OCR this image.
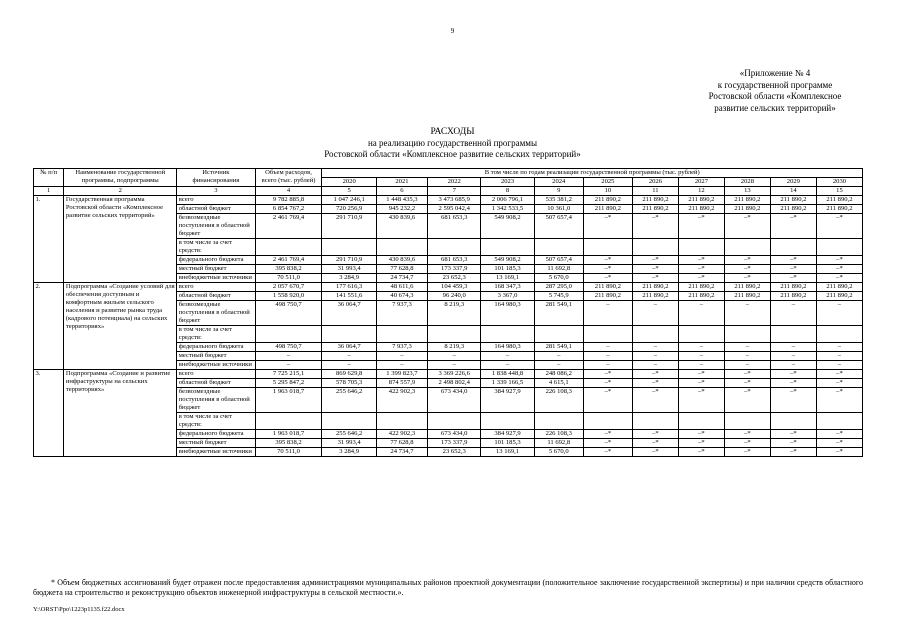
9
«Приложение № 4
к государственной программе
Ростовской области «Комплексное
развитие сельских территорий»
РАСХОДЫ
на реализацию государственной программы
Ростовской области «Комплексное развитие сельских территорий»
№ п/п	Наименование государственной программы, подпрограммы	Источник финансирования	Объем расходов, всего (тыс. рублей)	В том числе по годам реализации государственной программы (тыс. рублей)										
				2020	2021	2022	2023	2024	2025	2026	2027	2028	2029	2030
1	2	3	4	5	6	7	8	9	10	11	12	13	14	15
1.	Государственная программа Ростовской области «Комплексное развитие сельских территорий»	всего	9 782 885,8	1 047 246,1	1 448 435,3	3 473 685,9	2 006 796,1	535 381,2	211 890,2	211 890,2	211 890,2	211 890,2	211 890,2	211 890,2
		областной бюджет	6 854 767,2	720 256,9	945 232,2	2 595 042,4	1 342 533,5	10 361,0	211 890,2	211 890,2	211 890,2	211 890,2	211 890,2	211 890,2
		безвозмездные поступления в областной бюджет	2 461 769,4	291 710,9	430 839,6	681 653,3	549 908,2	507 657,4	–*	–*	–*	–*	–*	–*
		в том числе за счет средств:												
		федерального бюджета	2 461 769,4	291 710,9	430 839,6	681 653,3	549 908,2	507 657,4	–*	–*	–*	–*	–*	–*
		местный бюджет	395 838,2	31 993,4	77 628,8	173 337,9	101 185,3	11 692,8	–*	–*	–*	–*	–*	–*
		внебюджетные источники	70 511,0	3 284,9	24 734,7	23 652,3	13 169,1	5 670,0	–*	–*	–*	–*	–*	–*
2.	Подпрограмма «Создание условий для обеспечения доступным и комфортным жильем сельского населения и развитие рынка труда (кадрового потенциала) на сельских территориях»	всего	2 057 670,7	177 616,3	48 611,6	104 459,3	168 347,3	287 295,0	211 890,2	211 890,2	211 890,2	211 890,2	211 890,2	211 890,2
		областной бюджет	1 558 920,0	141 551,6	40 674,3	96 240,0	3 367,0	5 745,9	211 890,2	211 890,2	211 890,2	211 890,2	211 890,2	211 890,2
		безвозмездные поступления в областной бюджет	498 750,7	36 064,7	7 937,3	8 219,3	164 980,3	281 549,1	–	–	–	–	–	–
		в том числе за счет средств:												
		федерального бюджета	498 750,7	36 064,7	7 937,3	8 219,3	164 980,3	281 549,1	–	–	–	–	–	–
		местный бюджет	–	–	–	–	–	–	–	–	–	–	–	–
		внебюджетные источники	–	–	–	–	–	–	–	–	–	–	–	–
3.	Подпрограмма «Создание и развитие инфраструктуры на сельских территориях»	всего	7 725 215,1	869 629,8	1 399 823,7	3 369 226,6	1 838 448,8	248 086,2	–*	–*	–*	–*	–*	–*
		областной бюджет	5 295 847,2	578 705,3	874 557,9	2 498 802,4	1 339 166,5	4 615,1	–*	–*	–*	–*	–*	–*
		безвозмездные поступления в областной бюджет	1 963 018,7	255 646,2	422 902,3	673 434,0	384 927,9	226 108,3	–*	–*	–*	–*	–*	–*
		в том числе за счет средств:												
		федерального бюджета	1 963 018,7	255 646,2	422 902,3	673 434,0	384 927,9	226 108,3	–*	–*	–*	–*	–*	–*
		местный бюджет	395 838,2	31 993,4	77 628,8	173 337,9	101 185,3	11 692,8	–*	–*	–*	–*	–*	–*
		внебюджетные источники	70 511,0	3 284,9	24 734,7	23 652,3	13 169,1	5 670,0	–*	–*	–*	–*	–*	–*
* Объем бюджетных ассигнований будет отражен после предоставления администрациями муниципальных районов проектной документации (положительное заключение государственной экспертизы) и при наличии средств областного бюджета на строительство и реконструкцию объектов инженерной инфраструктуры в сельской местности.».
Y:\ORST\Ppo\1223p1135.f22.docx
